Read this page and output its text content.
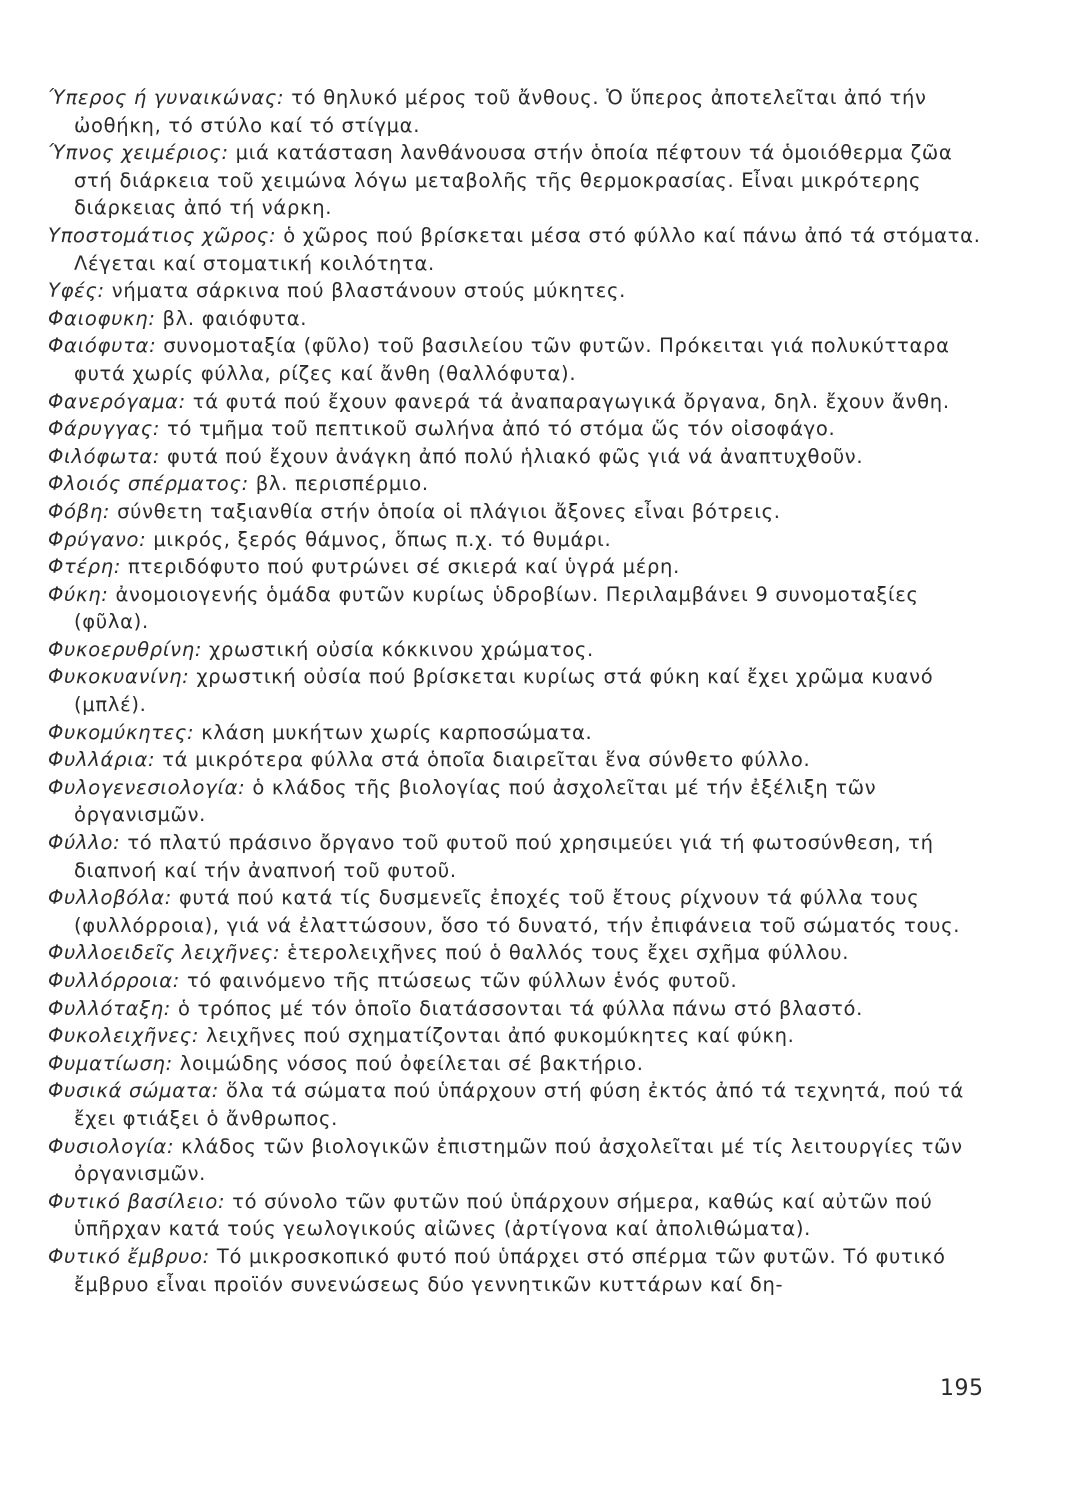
Ύπερος ή γυναικώνας: τό θηλυκό μέρος τοῦ ἄνθους. Ὁ ὕπερος ἀποτελεῖται ἀπό τήν ὠοθήκη, τό στύλο καί τό στίγμα.

Ύπνος χειμέριος: μιά κατάσταση λανθάνουσα στήν ὁποία πέφτουν τά ὁμοιόθερμα ζῶα στή διάρκεια τοῦ χειμώνα λόγω μεταβολῆς τῆς θερμοκρασίας. Εἶναι μικρότερης διάρκειας ἀπό τή νάρκη.

Υποστομάτιος χῶρος: ὁ χῶρος πού βρίσκεται μέσα στό φύλλο καί πάνω ἀπό τά στόματα. Λέγεται καί στοματική κοιλότητα.

Υφές: νήματα σάρκινα πού βλαστάνουν στούς μύκητες.

Φαιοφυκη: βλ. φαιόφυτα.

Φαιόφυτα: συνομοταξία (φῦλο) τοῦ βασιλείου τῶν φυτῶν. Πρόκειται γιά πολυκύτταρα φυτά χωρίς φύλλα, ρίζες καί ἄνθη (θαλλόφυτα).

Φανερόγαμα: τά φυτά πού ἔχουν φανερά τά ἀναπαραγωγικά ὄργανα, δηλ. ἔχουν ἄνθη.

Φάρυγγας: τό τμῆμα τοῦ πεπτικοῦ σωλήνα ἀπό τό στόμα ὥς τόν οἰσοφάγο.

Φιλόφωτα: φυτά πού ἔχουν ἀνάγκη ἀπό πολύ ἡλιακό φῶς γιά νά ἀναπτυχθοῦν.

Φλοιός σπέρματος: βλ. περισπέρμιο.

Φόβη: σύνθετη ταξιανθία στήν ὁποία οἱ πλάγιοι ἄξονες εἶναι βότρεις.

Φρύγανο: μικρός, ξερός θάμνος, ὅπως π.χ. τό θυμάρι.

Φτέρη: πτεριδόφυτο πού φυτρώνει σέ σκιερά καί ὑγρά μέρη.

Φύκη: ἀνομοιογενής ὁμάδα φυτῶν κυρίως ὑδροβίων. Περιλαμβάνει 9 συνομοταξίες (φῦλα).

Φυκοερυθρίνη: χρωστική οὐσία κόκκινου χρώματος.

Φυκοκυανίνη: χρωστική οὐσία πού βρίσκεται κυρίως στά φύκη καί ἔχει χρῶμα κυανό (μπλέ).

Φυκομύκητες: κλάση μυκήτων χωρίς καρποσώματα.

Φυλλάρια: τά μικρότερα φύλλα στά ὁποῖα διαιρεῖται ἕνα σύνθετο φύλλο.

Φυλογενεσιολογία: ὁ κλάδος τῆς βιολογίας πού ἀσχολεῖται μέ τήν ἐξέλιξη τῶν ὀργανισμῶν.

Φύλλο: τό πλατύ πράσινο ὄργανο τοῦ φυτοῦ πού χρησιμεύει γιά τή φωτοσύνθεση, τή διαπνοή καί τήν ἀναπνοή τοῦ φυτοῦ.

Φυλλοβόλα: φυτά πού κατά τίς δυσμενεῖς ἐποχές τοῦ ἔτους ρίχνουν τά φύλλα τους (φυλλόρροια), γιά νά ἐλαττώσουν, ὅσο τό δυνατό, τήν ἐπιφάνεια τοῦ σώματός τους.

Φυλλοειδεῖς λειχῆνες: ἑτερολειχῆνες πού ὁ θαλλός τους ἔχει σχῆμα φύλλου.

Φυλλόρροια: τό φαινόμενο τῆς πτώσεως τῶν φύλλων ἑνός φυτοῦ.

Φυλλόταξη: ὁ τρόπος μέ τόν ὁποῖο διατάσσονται τά φύλλα πάνω στό βλαστό.

Φυκολειχῆνες: λειχῆνες πού σχηματίζονται ἀπό φυκομύκητες καί φύκη.

Φυματίωση: λοιμώδης νόσος πού ὀφείλεται σέ βακτήριο.

Φυσικά σώματα: ὅλα τά σώματα πού ὑπάρχουν στή φύση ἐκτός ἀπό τά τεχνητά, πού τά ἔχει φτιάξει ὁ ἄνθρωπος.

Φυσιολογία: κλάδος τῶν βιολογικῶν ἐπιστημῶν πού ἀσχολεῖται μέ τίς λειτουργίες τῶν ὀργανισμῶν.

Φυτικό βασίλειο: τό σύνολο τῶν φυτῶν πού ὑπάρχουν σήμερα, καθώς καί αὐτῶν πού ὑπῆρχαν κατά τούς γεωλογικούς αἰῶνες (ἀρτίγονα καί ἀπολιθώματα).

Φυτικό ἔμβρυο: Τό μικροσκοπικό φυτό πού ὑπάρχει στό σπέρμα τῶν φυτῶν. Τό φυτικό ἔμβρυο εἶναι προϊόν συνενώσεως δύο γεννητικῶν κυττάρων καί δη-

195
